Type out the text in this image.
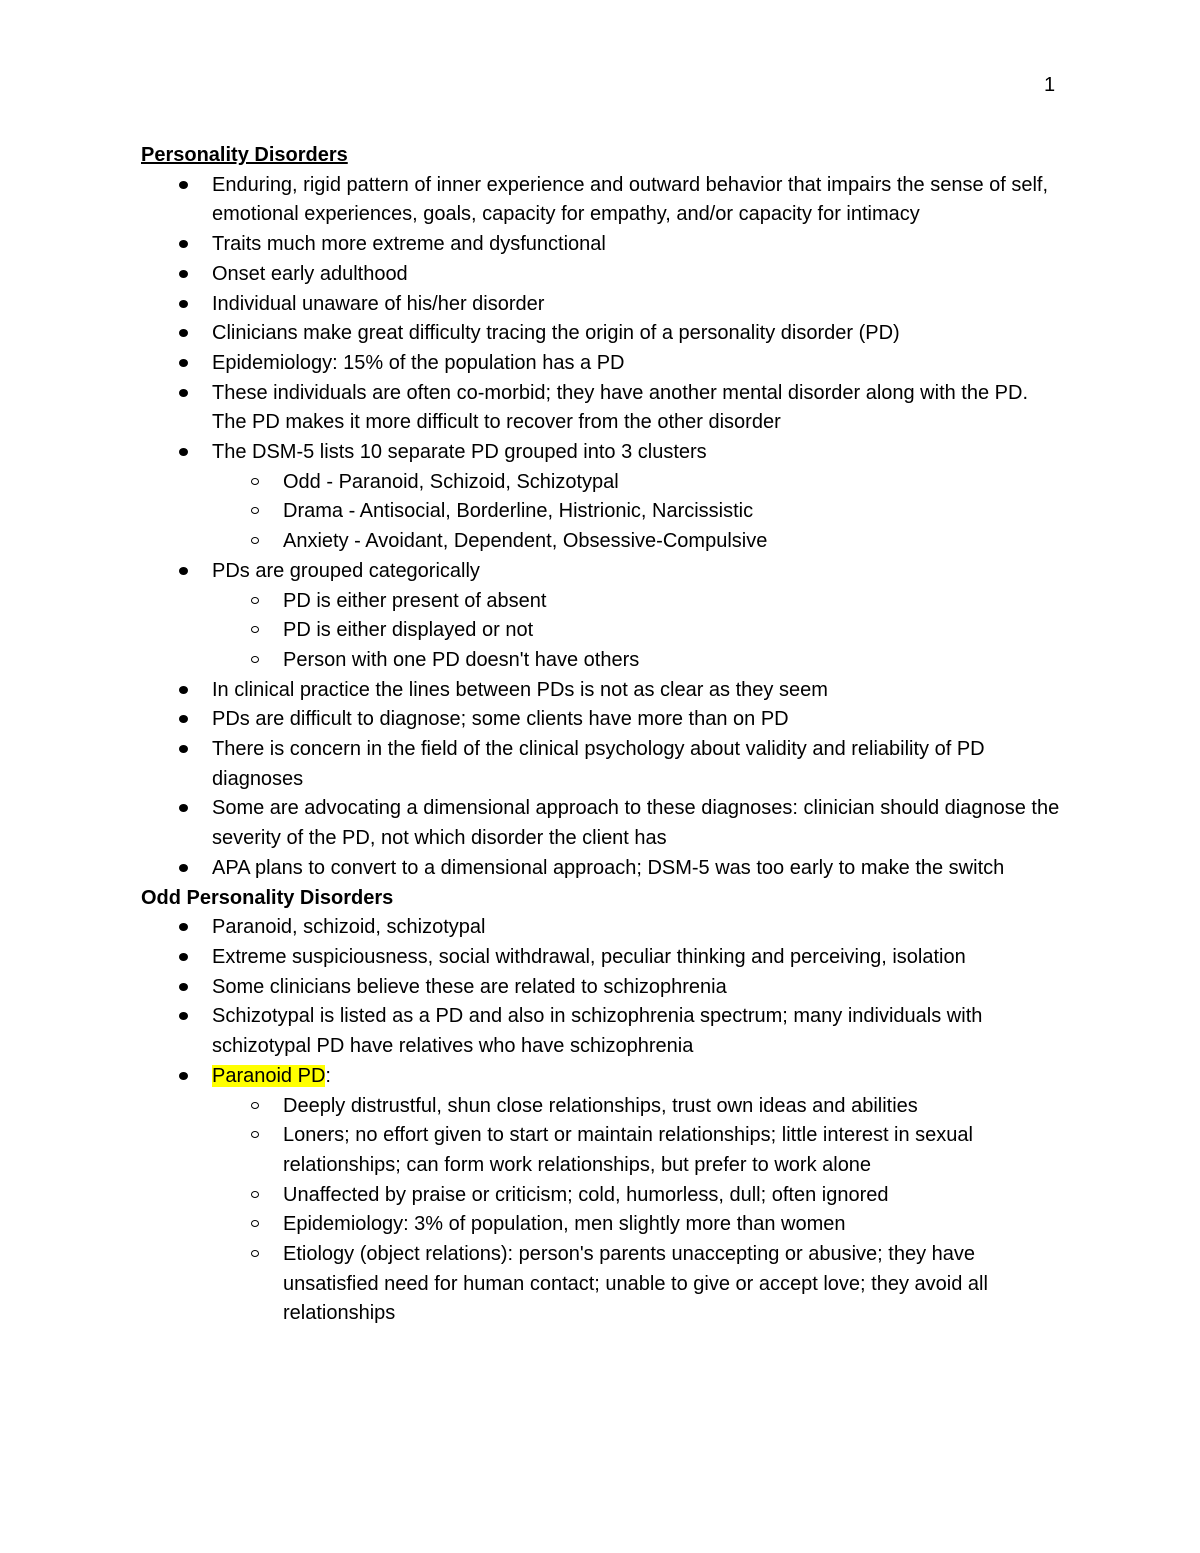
1
Personality Disorders
Enduring, rigid pattern of inner experience and outward behavior that impairs the sense of self, emotional experiences, goals, capacity for empathy, and/or capacity for intimacy
Traits much more extreme and dysfunctional
Onset early adulthood
Individual unaware of his/her disorder
Clinicians make great difficulty tracing the origin of a personality disorder (PD)
Epidemiology: 15% of the population has a PD
These individuals are often co-morbid; they have another mental disorder along with the PD. The PD makes it more difficult to recover from the other disorder
The DSM-5 lists 10 separate PD grouped into 3 clusters
Odd - Paranoid, Schizoid, Schizotypal
Drama - Antisocial, Borderline, Histrionic, Narcissistic
Anxiety - Avoidant, Dependent, Obsessive-Compulsive
PDs are grouped categorically
PD is either present of absent
PD is either displayed or not
Person with one PD doesn't have others
In clinical practice the lines between PDs is not as clear as they seem
PDs are difficult to diagnose; some clients have more than on PD
There is concern in the field of the clinical psychology about validity and reliability of PD diagnoses
Some are advocating a dimensional approach to these diagnoses: clinician should diagnose the severity of the PD, not which disorder the client has
APA plans to convert to a dimensional approach; DSM-5 was too early to make the switch
Odd Personality Disorders
Paranoid, schizoid, schizotypal
Extreme suspiciousness, social withdrawal, peculiar thinking and perceiving, isolation
Some clinicians believe these are related to schizophrenia
Schizotypal is listed as a PD and also in schizophrenia spectrum; many individuals with schizotypal PD have relatives who have schizophrenia
Paranoid PD:
Deeply distrustful, shun close relationships, trust own ideas and abilities
Loners; no effort given to start or maintain relationships; little interest in sexual relationships; can form work relationships, but prefer to work alone
Unaffected by praise or criticism; cold, humorless, dull; often ignored
Epidemiology: 3% of population, men slightly more than women
Etiology (object relations): person's parents unaccepting or abusive; they have unsatisfied need for human contact; unable to give or accept love; they avoid all relationships
